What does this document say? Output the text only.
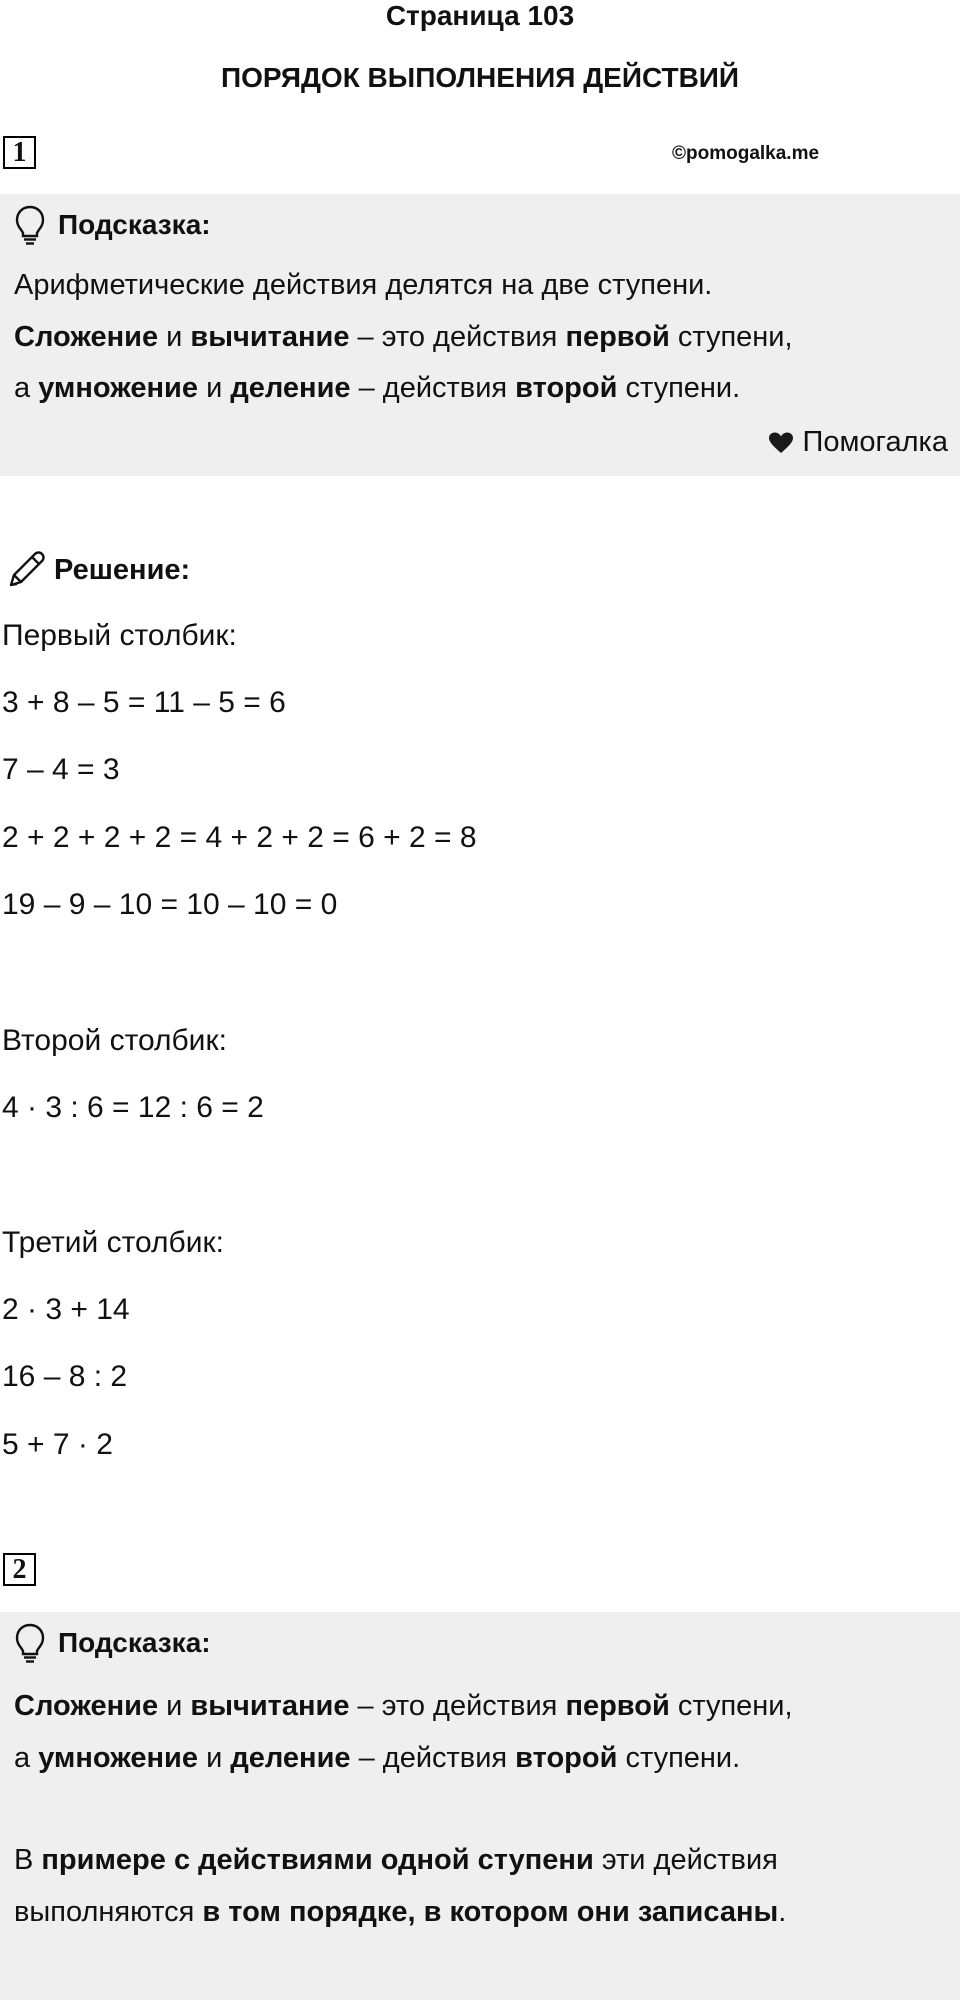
Страница 103
ПОРЯДОК ВЫПОЛНЕНИЯ ДЕЙСТВИЙ
1	©pomogalka.me
Подсказка:
Арифметические действия делятся на две ступени.
Сложение и вычитание – это действия первой ступени,
а умножение и деление – действия второй ступени.
Помогалка
Решение:
Первый столбик:
3 + 8 – 5 = 11 – 5 = 6
7 – 4 = 3
2 + 2 + 2 + 2 = 4 + 2 + 2 = 6 + 2 = 8
19 – 9 – 10 = 10 – 10 = 0
Второй столбик:
4 · 3 : 6 = 12 : 6 = 2
Третий столбик:
2 · 3 + 14
16 – 8 : 2
5 + 7 · 2
2
Подсказка:
Сложение и вычитание – это действия первой ступени,
а умножение и деление – действия второй ступени.
В примере с действиями одной ступени эти действия
выполняются в том порядке, в котором они записаны.
